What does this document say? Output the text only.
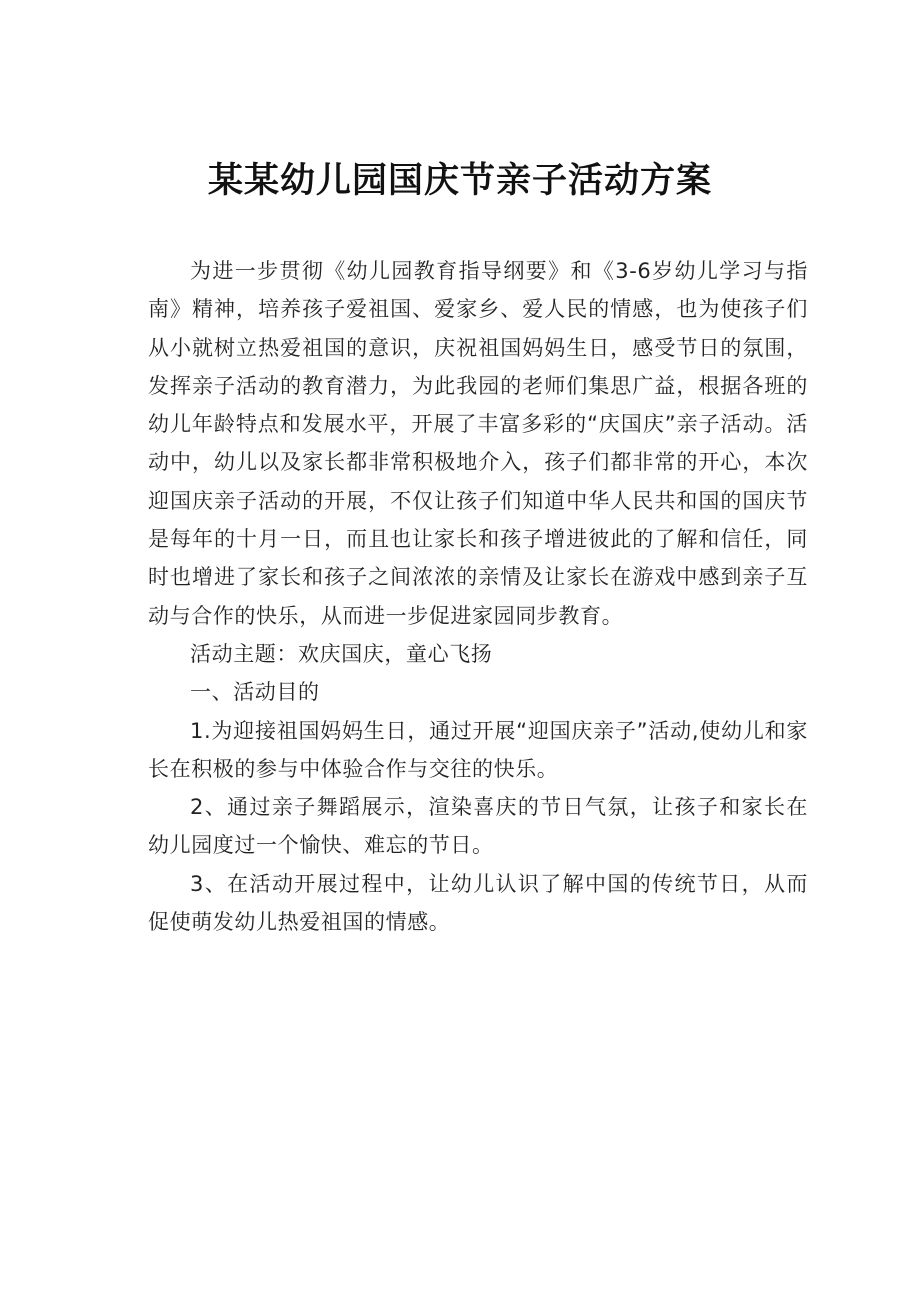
某某幼儿园国庆节亲子活动方案

为进一步贯彻《幼儿园教育指导纲要》和《3-6岁幼儿学习与指南》精神，培养孩子爱祖国、爱家乡、爱人民的情感，也为使孩子们从小就树立热爱祖国的意识，庆祝祖国妈妈生日，感受节日的氛围，发挥亲子活动的教育潜力，为此我园的老师们集思广益，根据各班的幼儿年龄特点和发展水平，开展了丰富多彩的“庆国庆”亲子活动。活动中，幼儿以及家长都非常积极地介入，孩子们都非常的开心，本次迎国庆亲子活动的开展，不仅让孩子们知道中华人民共和国的国庆节是每年的十月一日，而且也让家长和孩子增进彼此的了解和信任，同时也增进了家长和孩子之间浓浓的亲情及让家长在游戏中感到亲子互动与合作的快乐，从而进一步促进家园同步教育。

活动主题：欢庆国庆，童心飞扬

一、活动目的

1.为迎接祖国妈妈生日，通过开展“迎国庆亲子”活动,使幼儿和家长在积极的参与中体验合作与交往的快乐。

2、通过亲子舞蹈展示，渲染喜庆的节日气氛，让孩子和家长在幼儿园度过一个愉快、难忘的节日。

3、在活动开展过程中，让幼儿认识了解中国的传统节日，从而促使萌发幼儿热爱祖国的情感。
